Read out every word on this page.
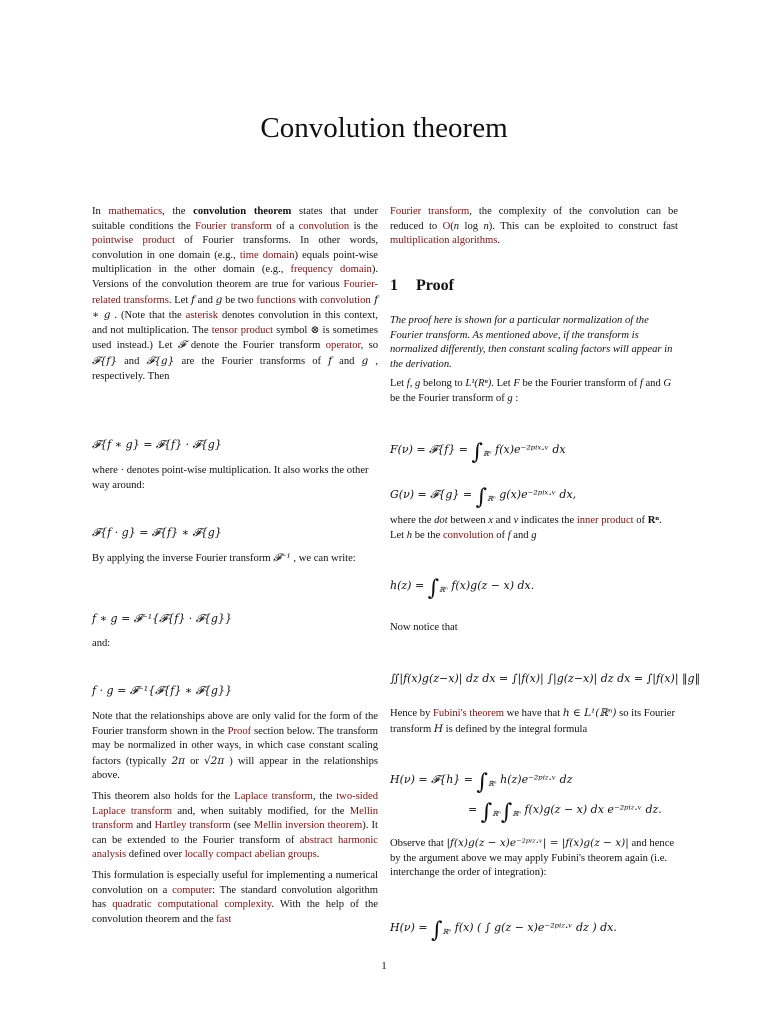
Convolution theorem

In mathematics, the convolution theorem states that under suitable conditions the Fourier transform of a convolution is the pointwise product of Fourier transforms. In other words, convolution in one domain (e.g., time domain) equals point-wise multiplication in the other domain (e.g., frequency domain). Versions of the convolution theorem are true for various Fourier-related transforms. Let f and g be two functions with convolution f ∗ g . (Note that the asterisk denotes convolution in this context, and not multiplication. The tensor product symbol ⊗ is sometimes used instead.) Let 𝓕 denote the Fourier transform operator, so 𝓕{f} and 𝓕{g} are the Fourier transforms of f and g , respectively. Then

𝓕{f ∗ g} = 𝓕{f} · 𝓕{g}
where · denotes point-wise multiplication. It also works the other way around:
𝓕{f · g} = 𝓕{f} ∗ 𝓕{g}
By applying the inverse Fourier transform 𝓕⁻¹ , we can write:
f ∗ g = 𝓕⁻¹{𝓕{f} · 𝓕{g}}
and:
f · g = 𝓕⁻¹{𝓕{f} ∗ 𝓕{g}}

Note that the relationships above are only valid for the form of the Fourier transform shown in the Proof section below. The transform may be normalized in other ways, in which case constant scaling factors (typically 2π or √2π ) will appear in the relationships above.

This theorem also holds for the Laplace transform, the two-sided Laplace transform and, when suitably modified, for the Mellin transform and Hartley transform (see Mellin inversion theorem). It can be extended to the Fourier transform of abstract harmonic analysis defined over locally compact abelian groups.

This formulation is especially useful for implementing a numerical convolution on a computer: The standard convolution algorithm has quadratic computational complexity. With the help of the convolution theorem and the fast

Fourier transform, the complexity of the convolution can be reduced to O(n log n). This can be exploited to construct fast multiplication algorithms.

1 Proof
The proof here is shown for a particular normalization of the Fourier transform. As mentioned above, if the transform is normalized differently, then constant scaling factors will appear in the derivation.
Let f, g belong to L¹(Rⁿ). Let F be the Fourier transform of f and G be the Fourier transform of g :
F(ν) = 𝓕{f} = $\int_{ℝ^n}$ f(x)e⁻²ᵖⁱˣ·ᵛ dx
G(ν) = 𝓕{g} = $\int_{ℝ^n}$ g(x)e⁻²ᵖⁱˣ·ᵛ dx,
where the dot between x and ν indicates the inner product of Rⁿ. Let h be the convolution of f and g
$h(z) = \int_{ℝ^n}$ f(x)g(z − x) dx.
Now notice that
∬|f(x)g(z−x)| dz dx = ∫|f(x)| ∫|g(z−x)| dz dx = ∫|f(x)| ‖g‖
Hence by Fubini's theorem we have that h ∈ L¹(ℝⁿ) so its Fourier transform H is defined by the integral formula
H(ν) = 𝓕{h} = $\int_{ℝ^n}$ h(z)e⁻²ᵖⁱᶻ·ᵛ dz
= $\int_{ℝ^n}\int_{ℝ^n}$ f(x)g(z − x) dx e⁻²ᵖⁱᶻ·ᵛ dz.
Observe that |f(x)g(z − x)e⁻²ᵖⁱᶻ·ᵛ| = |f(x)g(z − x)| and hence by the argument above we may apply Fubini's theorem again (i.e. interchange the order of integration):
$H(\nu) = \int_{ℝ^n}$ f(x) ( ∫ g(z − x)e⁻²ᵖⁱᶻ·ᵛ dz ) dx.
1
